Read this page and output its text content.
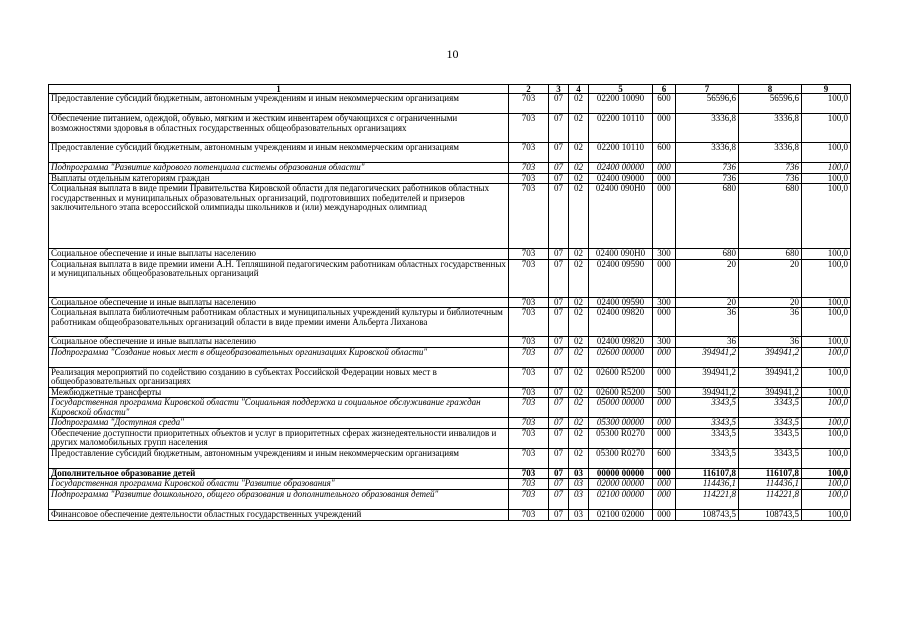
10
1	2	3	4	5	6	7	8	9
Предоставление субсидий бюджетным, автономным учреждениям и иным некоммерческим организациям	703	07	02	02200 10090	600	56596,6	56596,6	100,0
Обеспечение питанием, одеждой, обувью, мягким и жестким инвентарем обучающихся с ограниченными возможностями здоровья в областных государственных общеобразовательных организациях	703	07	02	02200 10110	000	3336,8	3336,8	100,0
Предоставление субсидий бюджетным, автономным учреждениям и иным некоммерческим организациям	703	07	02	02200 10110	600	3336,8	3336,8	100,0
Подпрограмма "Развитие кадрового потенциала системы образования области"	703	07	02	02400 00000	000	736	736	100,0
Выплаты отдельным категориям граждан	703	07	02	02400 09000	000	736	736	100,0
Социальная выплата в виде премии Правительства Кировской области для педагогических работников областных государственных и муниципальных образовательных организаций, подготовивших победителей и призеров заключительного этапа всероссийской олимпиады школьников и (или) международных олимпиад	703	07	02	02400 090Н0	000	680	680	100,0
Социальное обеспечение и иные выплаты населению	703	07	02	02400 090Н0	300	680	680	100,0
Социальная выплата в виде премии имени А.Н. Тепляшиной педагогическим работникам областных государственных и муниципальных общеобразовательных организаций	703	07	02	02400 09590	000	20	20	100,0
Социальное обеспечение и иные выплаты населению	703	07	02	02400 09590	300	20	20	100,0
Социальная выплата библиотечным работникам областных и муниципальных учреждений культуры и библиотечным работникам общеобразовательных организаций области в виде премии имени Альберта Лиханова	703	07	02	02400 09820	000	36	36	100,0
Социальное обеспечение и иные выплаты населению	703	07	02	02400 09820	300	36	36	100,0
Подпрограмма "Создание новых мест в общеобразовательных организациях Кировской области"	703	07	02	02600 00000	000	394941,2	394941,2	100,0
Реализация мероприятий по содействию созданию в субъектах Российской Федерации новых мест в общеобразовательных организациях	703	07	02	02600 R5200	000	394941,2	394941,2	100,0
Межбюджетные трансферты	703	07	02	02600 R5200	500	394941,2	394941,2	100,0
Государственная программа Кировской области "Социальная поддержка и социальное обслуживание граждан Кировской области"	703	07	02	05000 00000	000	3343,5	3343,5	100,0
Подпрограмма "Доступная среда"	703	07	02	05300 00000	000	3343,5	3343,5	100,0
Обеспечение доступности приоритетных объектов и услуг в приоритетных сферах жизнедеятельности инвалидов и других маломобильных групп населения	703	07	02	05300 R0270	000	3343,5	3343,5	100,0
Предоставление субсидий бюджетным, автономным учреждениям и иным некоммерческим организациям	703	07	02	05300 R0270	600	3343,5	3343,5	100,0
Дополнительное образование детей	703	07	03	00000 00000	000	116107,8	116107,8	100,0
Государственная программа Кировской области "Развитие образования"	703	07	03	02000 00000	000	114436,1	114436,1	100,0
Подпрограмма "Развитие дошкольного, общего образования и дополнительного образования детей"	703	07	03	02100 00000	000	114221,8	114221,8	100,0
Финансовое обеспечение деятельности областных государственных учреждений	703	07	03	02100 02000	000	108743,5	108743,5	100,0
